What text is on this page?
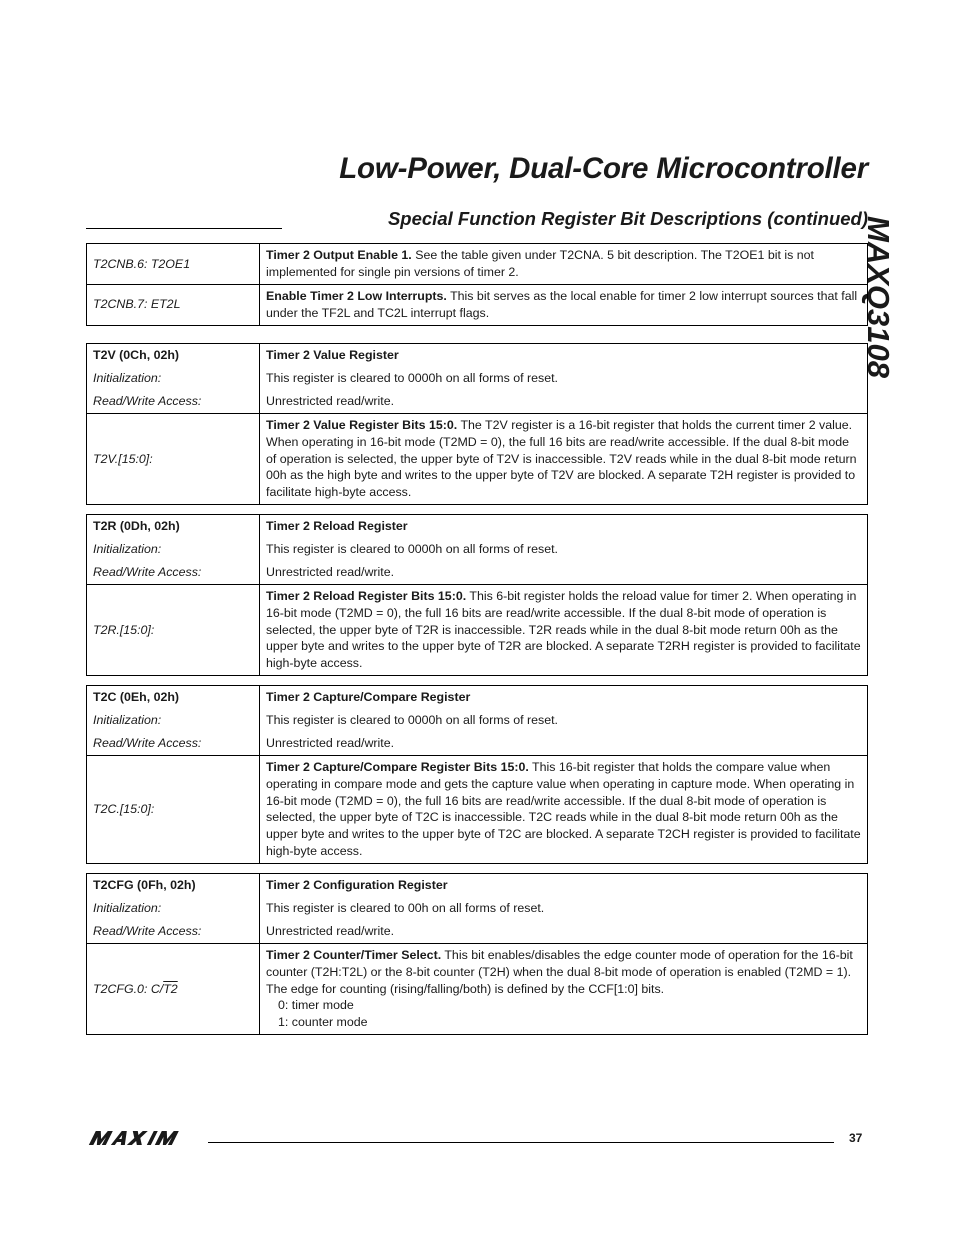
Low-Power, Dual-Core Microcontroller
Special Function Register Bit Descriptions (continued)
MAXQ3108
T2CNB.6: T2OE1	Timer 2 Output Enable 1. See the table given under T2CNA. 5 bit description. The T2OE1 bit is not implemented for single pin versions of timer 2.
T2CNB.7: ET2L	Enable Timer 2 Low Interrupts. This bit serves as the local enable for timer 2 low interrupt sources that fall under the TF2L and TC2L interrupt flags.
T2V (0Ch, 02h)	Timer 2 Value Register
Initialization:	This register is cleared to 0000h on all forms of reset.
Read/Write Access:	Unrestricted read/write.
T2V.[15:0]:	Timer 2 Value Register Bits 15:0. The T2V register is a 16-bit register that holds the current timer 2 value. When operating in 16-bit mode (T2MD = 0), the full 16 bits are read/write accessible. If the dual 8-bit mode of operation is selected, the upper byte of T2V is inaccessible. T2V reads while in the dual 8-bit mode return 00h as the high byte and writes to the upper byte of T2V are blocked. A separate T2H register is provided to facilitate high-byte access.
T2R (0Dh, 02h)	Timer 2 Reload Register
Initialization:	This register is cleared to 0000h on all forms of reset.
Read/Write Access:	Unrestricted read/write.
T2R.[15:0]:	Timer 2 Reload Register Bits 15:0. This 6-bit register holds the reload value for timer 2. When operating in 16-bit mode (T2MD = 0), the full 16 bits are read/write accessible. If the dual 8-bit mode of operation is selected, the upper byte of T2R is inaccessible. T2R reads while in the dual 8-bit mode return 00h as the upper byte and writes to the upper byte of T2R are blocked. A separate T2RH register is provided to facilitate high-byte access.
T2C (0Eh, 02h)	Timer 2 Capture/Compare Register
Initialization:	This register is cleared to 0000h on all forms of reset.
Read/Write Access:	Unrestricted read/write.
T2C.[15:0]:	Timer 2 Capture/Compare Register Bits 15:0. This 16-bit register that holds the compare value when operating in compare mode and gets the capture value when operating in capture mode. When operating in 16-bit mode (T2MD = 0), the full 16 bits are read/write accessible. If the dual 8-bit mode of operation is selected, the upper byte of T2C is inaccessible. T2C reads while in the dual 8-bit mode return 00h as the upper byte and writes to the upper byte of T2C are blocked. A separate T2CH register is provided to facilitate high-byte access.
T2CFG (0Fh, 02h)	Timer 2 Configuration Register
Initialization:	This register is cleared to 00h on all forms of reset.
Read/Write Access:	Unrestricted read/write.
T2CFG.0: C/T2	Timer 2 Counter/Timer Select. This bit enables/disables the edge counter mode of operation for the 16-bit counter (T2H:T2L) or the 8-bit counter (T2H) when the dual 8-bit mode of operation is enabled (T2MD = 1). The edge for counting (rising/falling/both) is defined by the CCF[1:0] bits.
0: timer mode
1: counter mode
37
